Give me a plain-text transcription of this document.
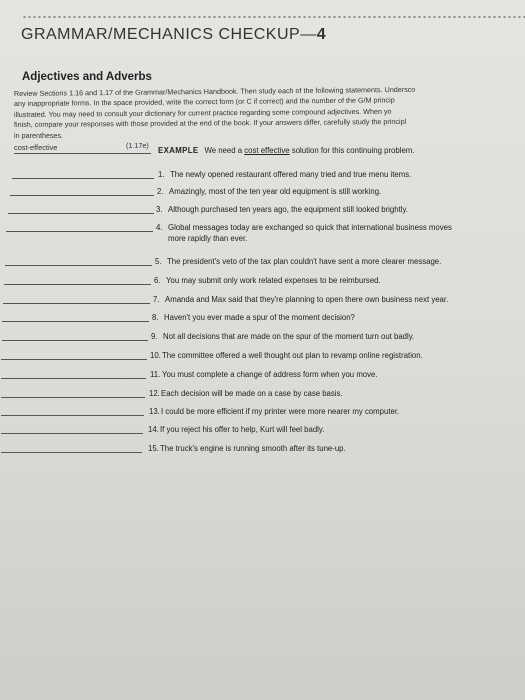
GRAMMAR/MECHANICS CHECKUP—4
Adjectives and Adverbs
Review Sections 1.16 and 1.17 of the Grammar/Mechanics Handbook. Then study each of the following statements. Undersco
any inappropriate forms. In the space provided, write the correct form (or C if correct) and the number of the G/M princip
illustrated. You may need to consult your dictionary for current practice regarding some compound adjectives. When yo
finish, compare your responses with those provided at the end of the book. If your answers differ, carefully study the principl
in parentheses.
cost-effective	(1.17e)
EXAMPLE We need a cost effective solution for this continuing problem.
1. The newly opened restaurant offered many tried and true menu items.
2. Amazingly, most of the ten year old equipment is still working.
3. Although purchased ten years ago, the equipment still looked brightly.
4. Global messages today are exchanged so quick that international business moves
more rapidly than ever.
5. The president's veto of the tax plan couldn't have sent a more clearer message.
6. You may submit only work related expenses to be reimbursed.
7. Amanda and Max said that they're planning to open there own business next year.
8. Haven't you ever made a spur of the moment decision?
9. Not all decisions that are made on the spur of the moment turn out badly.
10.The committee offered a well thought out plan to revamp online registration.
11. You must complete a change of address form when you move.
12.Each decision will be made on a case by case basis.
13.I could be more efficient if my printer were more nearer my computer.
14.If you reject his offer to help, Kurt will feel badly.
15.The truck's engine is running smooth after its tune-up.
